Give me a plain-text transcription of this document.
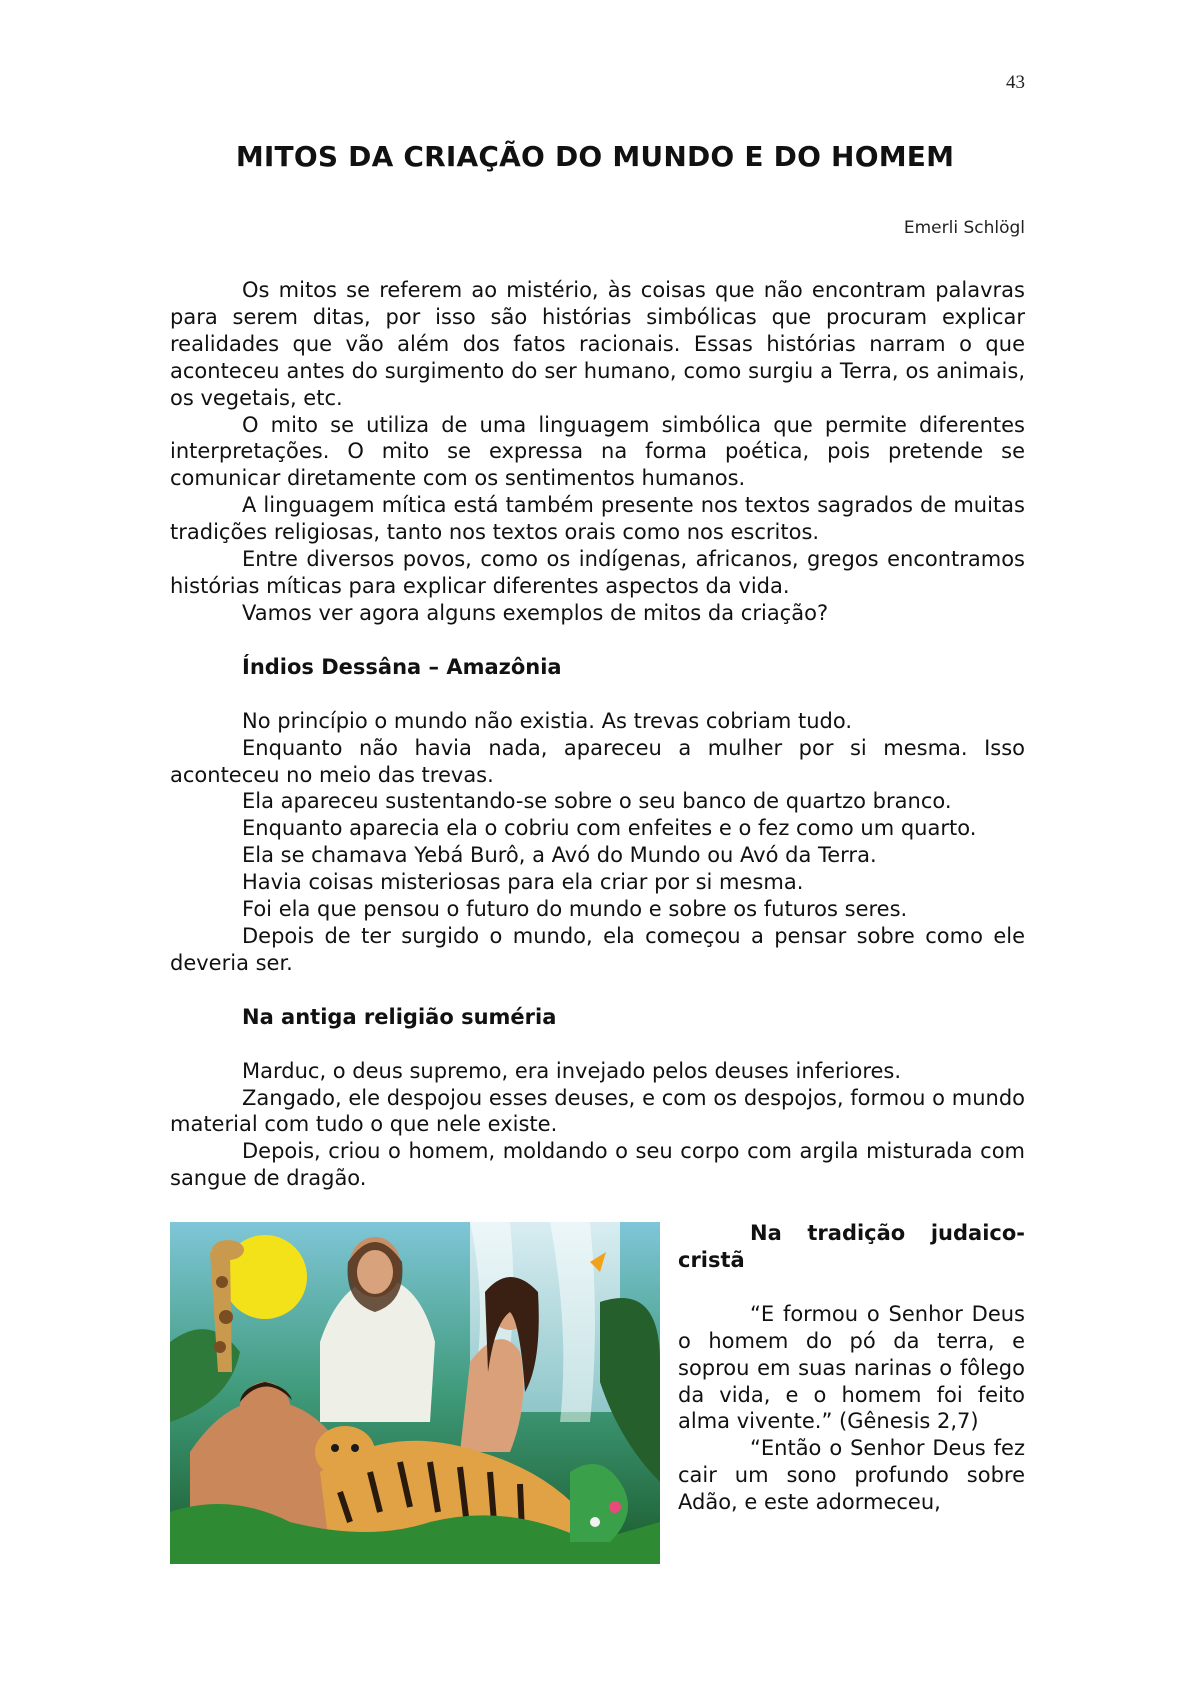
43
MITOS DA CRIAÇÃO DO MUNDO E DO HOMEM
Emerli Schlögl

Os mitos se referem ao mistério, às coisas que não encontram palavras para serem ditas, por isso são histórias simbólicas que procuram explicar realidades que vão além dos fatos racionais. Essas histórias narram o que aconteceu antes do surgimento do ser humano, como surgiu a Terra, os animais, os vegetais, etc.

O mito se utiliza de uma linguagem simbólica que permite diferentes interpretações. O mito se expressa na forma poética, pois pretende se comunicar diretamente com os sentimentos humanos.

A linguagem mítica está também presente nos textos sagrados de muitas tradições religiosas, tanto nos textos orais como nos escritos.

Entre diversos povos, como os indígenas, africanos, gregos encontramos histórias míticas para explicar diferentes aspectos da vida.

Vamos ver agora alguns exemplos de mitos da criação?

Índios Dessâna – Amazônia

No princípio o mundo não existia. As trevas cobriam tudo.

Enquanto não havia nada, apareceu a mulher por si mesma. Isso aconteceu no meio das trevas.

Ela apareceu sustentando-se sobre o seu banco de quartzo branco.

Enquanto aparecia ela o cobriu com enfeites e o fez como um quarto.

Ela se chamava Yebá Burô, a Avó do Mundo ou Avó da Terra.

Havia coisas misteriosas para ela criar por si mesma.

Foi ela que pensou o futuro do mundo e sobre os futuros seres.

Depois de ter surgido o mundo, ela começou a pensar sobre como ele deveria ser.

Na antiga religião suméria

Marduc, o deus supremo, era invejado pelos deuses inferiores.

Zangado, ele despojou esses deuses, e com os despojos, formou o mundo material com tudo o que nele existe.

Depois, criou o homem, moldando o seu corpo com argila misturada com sangue de dragão.

Na tradição judaico-cristã

“E formou o Senhor Deus o homem do pó da terra, e soprou em suas narinas o fôlego da vida, e o homem foi feito alma vivente.” (Gênesis 2,7)

“Então o Senhor Deus fez cair um sono profundo sobre Adão, e este adormeceu,
